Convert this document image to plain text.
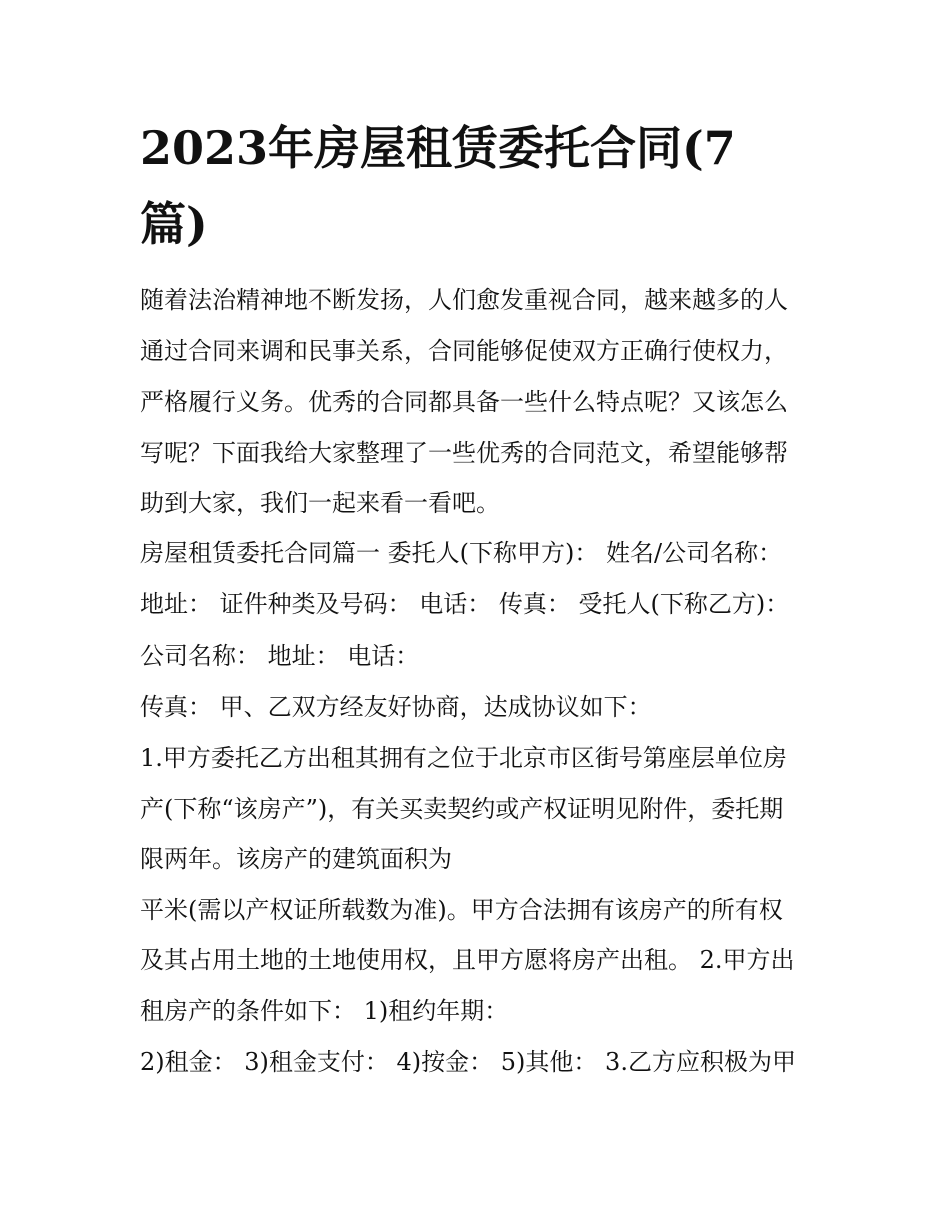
2023年房屋租赁委托合同(7
篇)

随着法治精神地不断发扬，人们愈发重视合同，越来越多的人

通过合同来调和民事关系，合同能够促使双方正确行使权力，

严格履行义务。优秀的合同都具备一些什么特点呢？又该怎么

写呢？下面我给大家整理了一些优秀的合同范文，希望能够帮

助到大家，我们一起来看一看吧。

房屋租赁委托合同篇一 委托人(下称甲方)： 姓名/公司名称：

地址： 证件种类及号码： 电话： 传真： 受托人(下称乙方)：

公司名称： 地址： 电话：

传真： 甲、乙双方经友好协商，达成协议如下：

1.甲方委托乙方出租其拥有之位于北京市区街号第座层单位房

产(下称“该房产”)，有关买卖契约或产权证明见附件，委托期

限两年。该房产的建筑面积为

平米(需以产权证所载数为准)。甲方合法拥有该房产的所有权

及其占用土地的土地使用权，且甲方愿将房产出租。 2.甲方出

租房产的条件如下： 1)租约年期：

2)租金： 3)租金支付： 4)按金： 5)其他： 3.乙方应积极为甲
